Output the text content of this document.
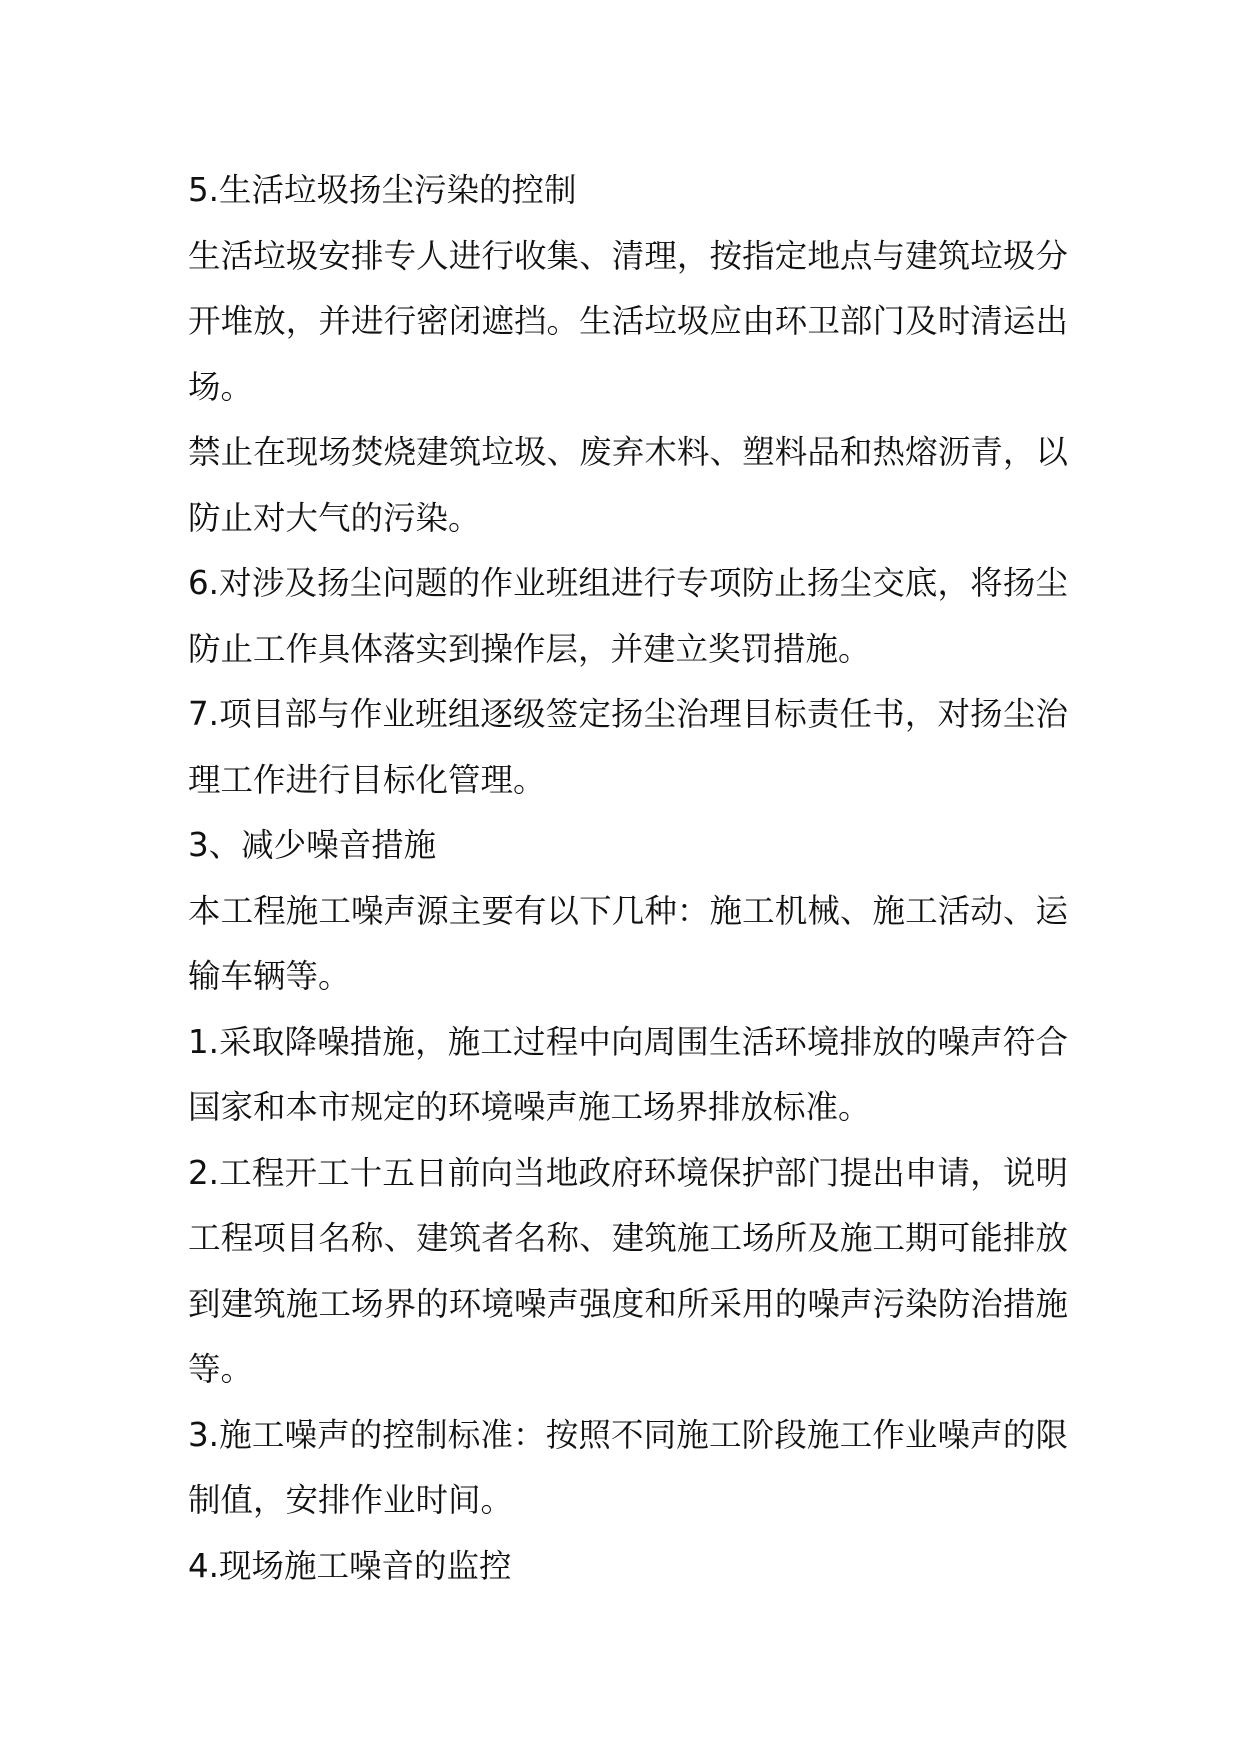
5.生活垃圾扬尘污染的控制

生活垃圾安排专人进行收集、清理，按指定地点与建筑垃圾分开堆放，并进行密闭遮挡。生活垃圾应由环卫部门及时清运出场。

禁止在现场焚烧建筑垃圾、废弃木料、塑料品和热熔沥青，以防止对大气的污染。

6.对涉及扬尘问题的作业班组进行专项防止扬尘交底，将扬尘防止工作具体落实到操作层，并建立奖罚措施。

7.项目部与作业班组逐级签定扬尘治理目标责任书，对扬尘治理工作进行目标化管理。

3、减少噪音措施

本工程施工噪声源主要有以下几种：施工机械、施工活动、运输车辆等。

1.采取降噪措施，施工过程中向周围生活环境排放的噪声符合国家和本市规定的环境噪声施工场界排放标准。

2.工程开工十五日前向当地政府环境保护部门提出申请，说明工程项目名称、建筑者名称、建筑施工场所及施工期可能排放到建筑施工场界的环境噪声强度和所采用的噪声污染防治措施等。

3.施工噪声的控制标准：按照不同施工阶段施工作业噪声的限制值，安排作业时间。

4.现场施工噪音的监控
